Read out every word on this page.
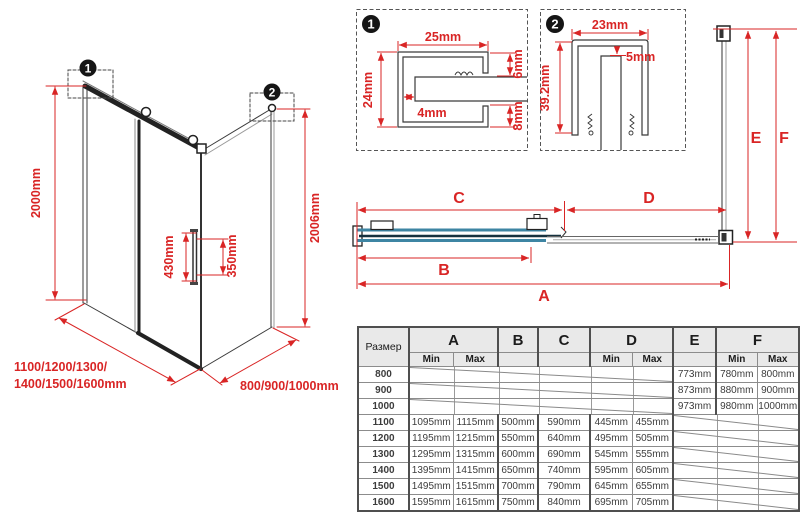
1
2
2000mm	2006mm
430mm	350mm
1100/1200/1300/
1400/1500/1600mm	800/900/1000mm
1
25mm
24mm
6mm
4mm	8mm
2	23mm
5mm
39.2mm
C	D
B
A
E F
Размер	A		B	C	D		E	F	
	Min	Max			Min	Max		Min	Max
800							773mm	780mm	800mm
900							873mm	880mm	900mm
1000							973mm	980mm	1000mm
1100	1095mm	1115mm	500mm	590mm	445mm	455mm	

1200	1195mm	1215mm	550mm	640mm	495mm	505mm	

1300	1295mm	1315mm	600mm	690mm	545mm	555mm	

1400	1395mm	1415mm	650mm	740mm	595mm	605mm	

1500	1495mm	1515mm	700mm	790mm	645mm	655mm	

1600	1595mm	1615mm	750mm	840mm	695mm	705mm	
